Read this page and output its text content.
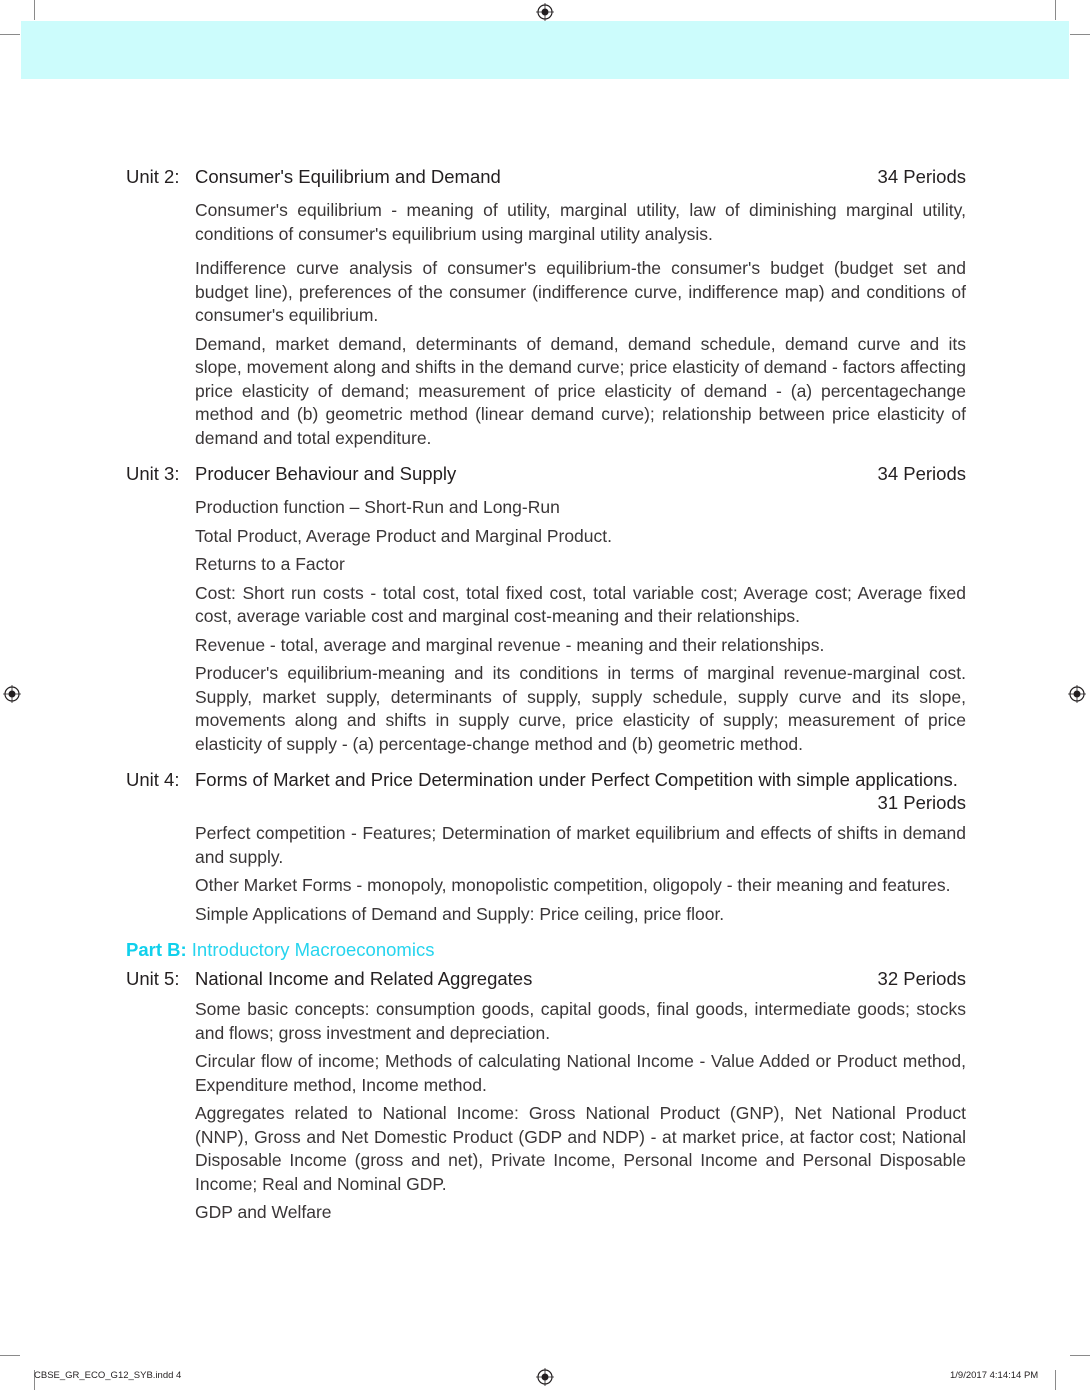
Unit 2: Consumer's Equilibrium and Demand	34 Periods

Consumer's equilibrium - meaning of utility, marginal utility, law of diminishing marginal utility, conditions of consumer's equilibrium using marginal utility analysis.

Indifference curve analysis of consumer's equilibrium-the consumer's budget (budget set and budget line), preferences of the consumer (indifference curve, indifference map) and conditions of consumer's equilibrium.

Demand, market demand, determinants of demand, demand schedule, demand curve and its slope, movement along and shifts in the demand curve; price elasticity of demand - factors affecting price elasticity of demand; measurement of price elasticity of demand - (a) percentagechange method and (b) geometric method (linear demand curve); relationship between price elasticity of demand and total expenditure.

Unit 3: Producer Behaviour and Supply	34 Periods

Production function – Short-Run and Long-Run

Total Product, Average Product and Marginal Product.

Returns to a Factor

Cost: Short run costs - total cost, total fixed cost, total variable cost; Average cost; Average fixed cost, average variable cost and marginal cost-meaning and their relationships.

Revenue - total, average and marginal revenue - meaning and their relationships.

Producer's equilibrium-meaning and its conditions in terms of marginal revenue-marginal cost. Supply, market supply, determinants of supply, supply schedule, supply curve and its slope, movements along and shifts in supply curve, price elasticity of supply; measurement of price elasticity of supply - (a) percentage-change method and (b) geometric method.

Unit 4: Forms of Market and Price Determination under Perfect Competition with simple applications.
31 Periods

Perfect competition - Features; Determination of market equilibrium and effects of shifts in demand and supply.

Other Market Forms - monopoly, monopolistic competition, oligopoly - their meaning and features.

Simple Applications of Demand and Supply: Price ceiling, price floor.

Part B: Introductory Macroeconomics
Unit 5: National Income and Related Aggregates	32 Periods

Some basic concepts: consumption goods, capital goods, final goods, intermediate goods; stocks and flows; gross investment and depreciation.

Circular flow of income; Methods of calculating National Income - Value Added or Product method, Expenditure method, Income method.

Aggregates related to National Income: Gross National Product (GNP), Net National Product (NNP), Gross and Net Domestic Product (GDP and NDP) - at market price, at factor cost; National Disposable Income (gross and net), Private Income, Personal Income and Personal Disposable Income; Real and Nominal GDP.

GDP and Welfare

CBSE_GR_ECO_G12_SYB.indd 4	1/9/2017 4:14:14 PM
